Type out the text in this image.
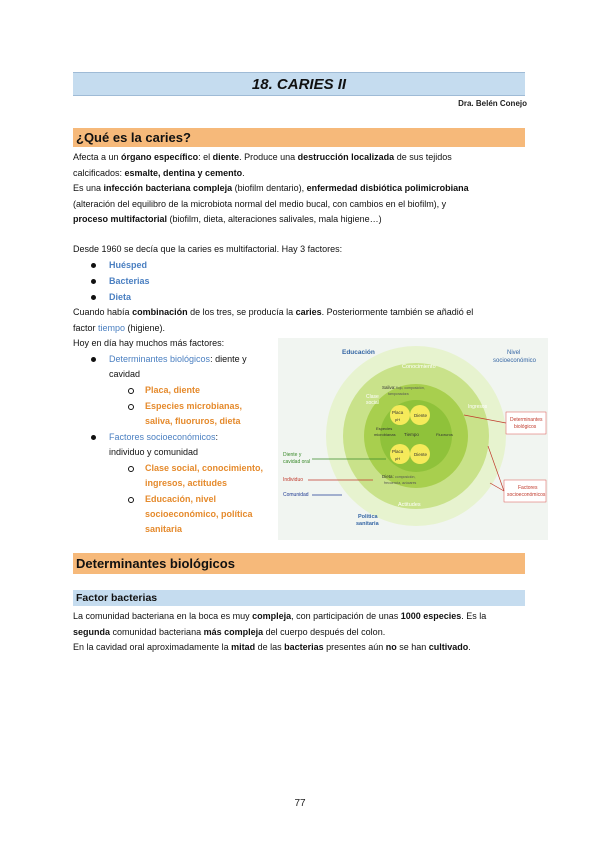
18. CARIES II
Dra. Belén Conejo
¿Qué es la caries?
Afecta a un órgano específico: el diente. Produce una destrucción localizada de sus tejidos
calcificados: esmalte, dentina y cemento.
Es una infección bacteriana compleja (biofilm dentario), enfermedad disbiótica polimicrobiana
(alteración del equilibro de la microbiota normal del medio bucal, con cambios en el biofilm), y
proceso multifactorial (biofilm, dieta, alteraciones salivales, mala higiene…)
Desde 1960 se decía que la caries es multifactorial. Hay 3 factores:
Huésped
Bacterias
Dieta
Cuando había combinación de los tres, se producía la caries. Posteriormente también se añadió el
factor tiempo (higiene).
Hoy en día hay muchos más factores:
Determinantes biológicos: diente y
cavidad
Placa, diente
Especies microbianas,
saliva, fluoruros, dieta
Factores socioeconómicos:
individuo y comunidad
Clase social, conocimiento,
ingresos, actitudes
Educación, nivel
socioeconómico, política
sanitaria
Educación	Nivel
socioeconómico
Conocimiento
Clase
social
Ingresos
Saliva: flujo, composición,
tamponadora
Placa
pH
Diente
Especies
microbianas Tiempo	Fluoruros
Placa
pH
Diente
Dieta: composición,
frecuencia, azúcares
Actitudes
Política
sanitaria
Diente y
cavidad oral
Individuo
Comunidad
Determinantes
biológicos
Factores
socioeconómicos
Determinantes biológicos
Factor bacterias
La comunidad bacteriana en la boca es muy compleja, con participación de unas 1000 especies. Es la
segunda comunidad bacteriana más compleja del cuerpo después del colon.
En la cavidad oral aproximadamente la mitad de las bacterias presentes aún no se han cultivado.
77
